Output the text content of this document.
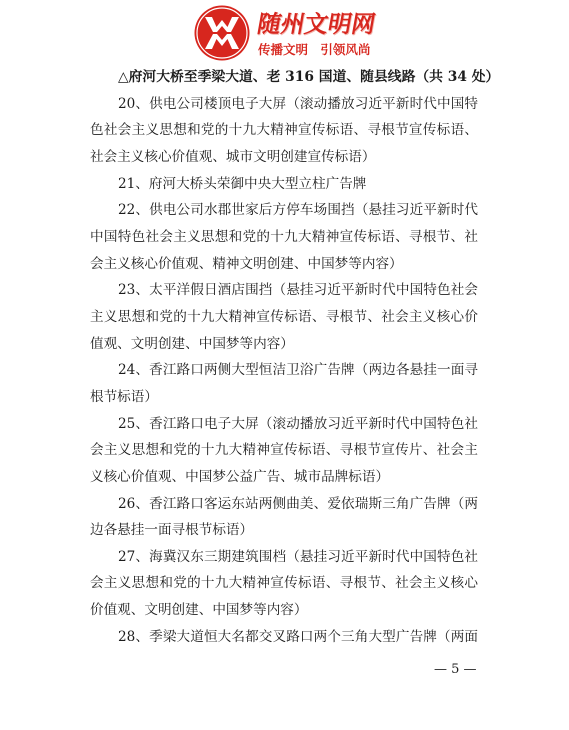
随州文明网
传播文明 引领风尚
△府河大桥至季梁大道、老 316 国道、随县线路（共 34 处）
20、供电公司楼顶电子大屏（滚动播放习近平新时代中国特
色社会主义思想和党的十九大精神宣传标语、寻根节宣传标语、
社会主义核心价值观、城市文明创建宣传标语）
21、府河大桥头荣御中央大型立柱广告牌
22、供电公司水郡世家后方停车场围挡（悬挂习近平新时代
中国特色社会主义思想和党的十九大精神宣传标语、寻根节、社
会主义核心价值观、精神文明创建、中国梦等内容）
23、太平洋假日酒店围挡（悬挂习近平新时代中国特色社会
主义思想和党的十九大精神宣传标语、寻根节、社会主义核心价
值观、文明创建、中国梦等内容）
24、香江路口两侧大型恒洁卫浴广告牌（两边各悬挂一面寻
根节标语）
25、香江路口电子大屏（滚动播放习近平新时代中国特色社
会主义思想和党的十九大精神宣传标语、寻根节宣传片、社会主
义核心价值观、中国梦公益广告、城市品牌标语）
26、香江路口客运东站两侧曲美、爱依瑞斯三角广告牌（两
边各悬挂一面寻根节标语）
27、海冀汉东三期建筑围档（悬挂习近平新时代中国特色社
会主义思想和党的十九大精神宣传标语、寻根节、社会主义核心
价值观、文明创建、中国梦等内容）
28、季梁大道恒大名都交叉路口两个三角大型广告牌（两面
— 5 —
